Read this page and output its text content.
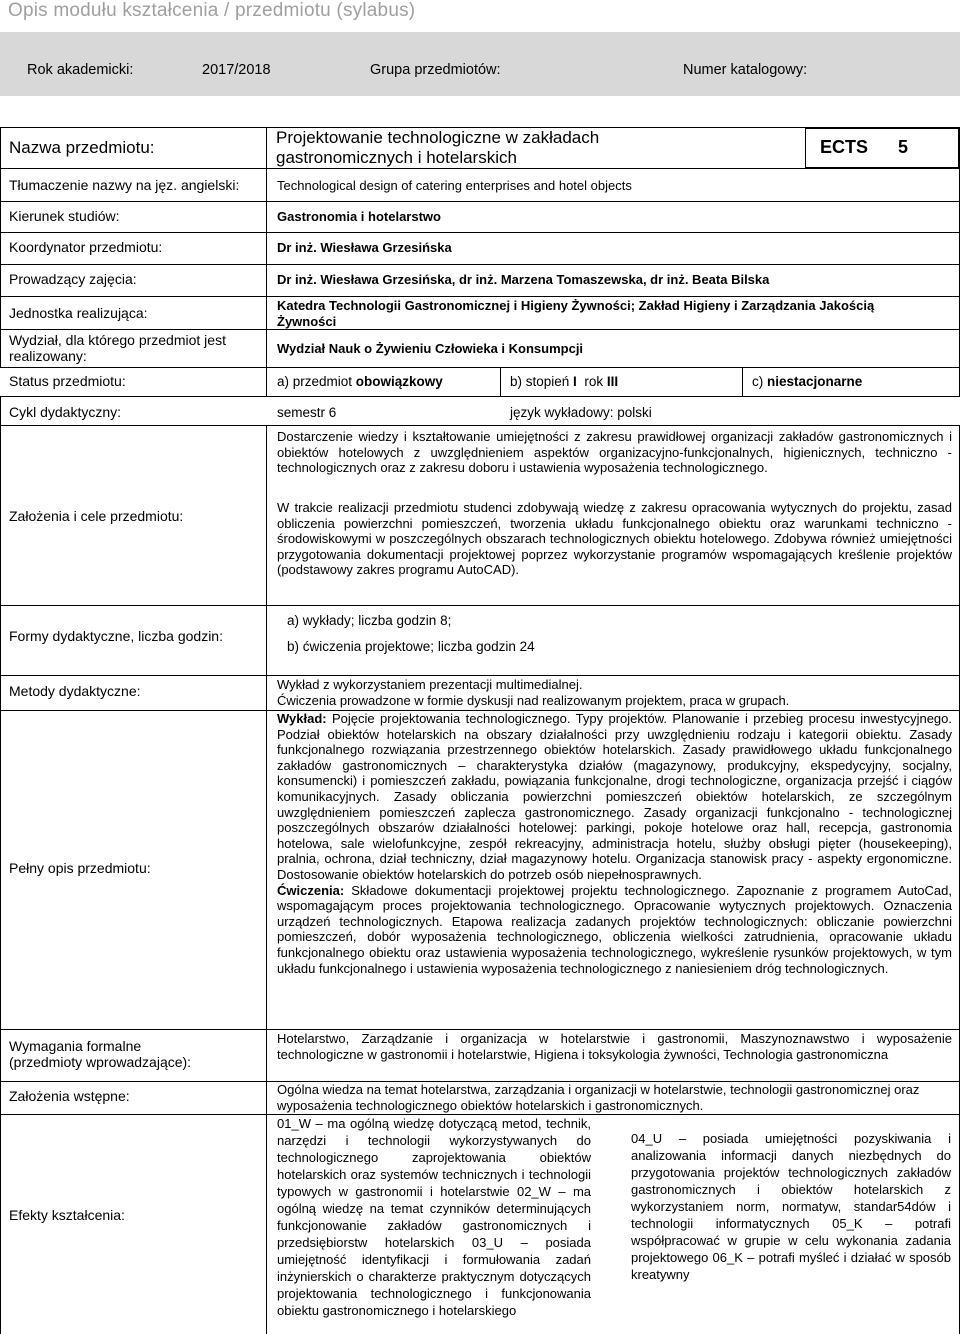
Opis modułu kształcenia / przedmiotu (sylabus)
Rok akademicki:	2017/2018	Grupa przedmiotów:	Numer katalogowy:
Nazwa przedmiotu:
Projektowanie technologiczne w zakładach
gastronomicznych i hotelarskich
ECTS 5
Tłumaczenie nazwy na jęz. angielski:	Technological design of catering enterprises and hotel objects
Kierunek studiów:	Gastronomia i hotelarstwo
Koordynator przedmiotu:	Dr inż. Wiesława Grzesińska
Prowadzący zajęcia:	Dr inż. Wiesława Grzesińska, dr inż. Marzena Tomaszewska, dr inż. Beata Bilska
Jednostka realizująca:	Katedra Technologii Gastronomicznej i Higieny Żywności; Zakład Higieny i Zarządzania Jakością
Żywności
Wydział, dla którego przedmiot jest
realizowany:	Wydział Nauk o Żywieniu Człowieka i Konsumpcji
Status przedmiotu:	a) przedmiot obowiązkowy	b) stopień I rok III	c) niestacjonarne
Cykl dydaktyczny:	semestr 6	język wykładowy: polski
Założenia i cele przedmiotu:
Dostarczenie wiedzy i kształtowanie umiejętności z zakresu prawidłowej organizacji zakładów gastronomicznych i obiektów hotelowych z uwzględnieniem aspektów organizacyjno-funkcjonalnych, higienicznych, techniczno - technologicznych oraz z zakresu doboru i ustawienia wyposażenia technologicznego.
W trakcie realizacji przedmiotu studenci zdobywają wiedzę z zakresu opracowania wytycznych do projektu, zasad obliczenia powierzchni pomieszczeń, tworzenia układu funkcjonalnego obiektu oraz warunkami techniczno - środowiskowymi w poszczególnych obszarach technologicznych obiektu hotelowego. Zdobywa również umiejętności przygotowania dokumentacji projektowej poprzez wykorzystanie programów wspomagających kreślenie projektów (podstawowy zakres programu AutoCAD).
Formy dydaktyczne, liczba godzin:
a) wykłady; liczba godzin 8;
b) ćwiczenia projektowe; liczba godzin 24
Metody dydaktyczne:	Wykład z wykorzystaniem prezentacji multimedialnej.
Ćwiczenia prowadzone w formie dyskusji nad realizowanym projektem, praca w grupach.
Pełny opis przedmiotu:
Wykład: Pojęcie projektowania technologicznego. Typy projektów. Planowanie i przebieg procesu inwestycyjnego. Podział obiektów hotelarskich na obszary działalności przy uwzględnieniu rodzaju i kategorii obiektu. Zasady funkcjonalnego rozwiązania przestrzennego obiektów hotelarskich. Zasady prawidłowego układu funkcjonalnego zakładów gastronomicznych – charakterystyka działów (magazynowy, produkcyjny, ekspedycyjny, socjalny, konsumencki) i pomieszczeń zakładu, powiązania funkcjonalne, drogi technologiczne, organizacja przejść i ciągów komunikacyjnych. Zasady obliczania powierzchni pomieszczeń obiektów hotelarskich, ze szczególnym uwzględnieniem pomieszczeń zaplecza gastronomicznego. Zasady organizacji funkcjonalno - technologicznej poszczególnych obszarów działalności hotelowej: parkingi, pokoje hotelowe oraz hall, recepcja, gastronomia hotelowa, sale wielofunkcyjne, zespół rekreacyjny, administracja hotelu, służby obsługi pięter (housekeeping), pralnia, ochrona, dział techniczny, dział magazynowy hotelu. Organizacja stanowisk pracy - aspekty ergonomiczne. Dostosowanie obiektów hotelarskich do potrzeb osób niepełnosprawnych.
Ćwiczenia: Składowe dokumentacji projektowej projektu technologicznego. Zapoznanie z programem AutoCad, wspomagającym proces projektowania technologicznego. Opracowanie wytycznych projektowych. Oznaczenia urządzeń technologicznych. Etapowa realizacja zadanych projektów technologicznych: obliczanie powierzchni pomieszczeń, dobór wyposażenia technologicznego, obliczenia wielkości zatrudnienia, opracowanie układu funkcjonalnego obiektu oraz ustawienia wyposażenia technologicznego, wykreślenie rysunków projektowych, w tym układu funkcjonalnego i ustawienia wyposażenia technologicznego z naniesieniem dróg technologicznych.
Wymagania formalne
(przedmioty wprowadzające):
Hotelarstwo, Zarządzanie i organizacja w hotelarstwie i gastronomii, Maszynoznawstwo i wyposażenie technologiczne w gastronomii i hotelarstwie, Higiena i toksykologia żywności, Technologia gastronomiczna
Założenia wstępne:	Ogólna wiedza na temat hotelarstwa, zarządzania i organizacji w hotelarstwie, technologii gastronomicznej oraz wyposażenia technologicznego obiektów hotelarskich i gastronomicznych.
Efekty kształcenia:
01_W – ma ogólną wiedzę dotyczącą metod, technik, narzędzi i technologii wykorzystywanych do technologicznego zaprojektowania obiektów hotelarskich oraz systemów technicznych i technologii typowych w gastronomii i hotelarstwie 02_W – ma ogólną wiedzę na temat czynników determinujących funkcjonowanie zakładów gastronomicznych i przedsiębiorstw hotelarskich 03_U – posiada umiejętność identyfikacji i formułowania zadań inżynierskich o charakterze praktycznym dotyczących projektowania technologicznego i funkcjonowania obiektu gastronomicznego i hotelarskiego
04_U – posiada umiejętności pozyskiwania i analizowania informacji danych niezbędnych do przygotowania projektów technologicznych zakładów gastronomicznych i obiektów hotelarskich z wykorzystaniem norm, normatyw, standar54dów i technologii informatycznych 05_K – potrafi współpracować w grupie w celu wykonania zadania projektowego 06_K – potrafi myśleć i działać w sposób kreatywny
